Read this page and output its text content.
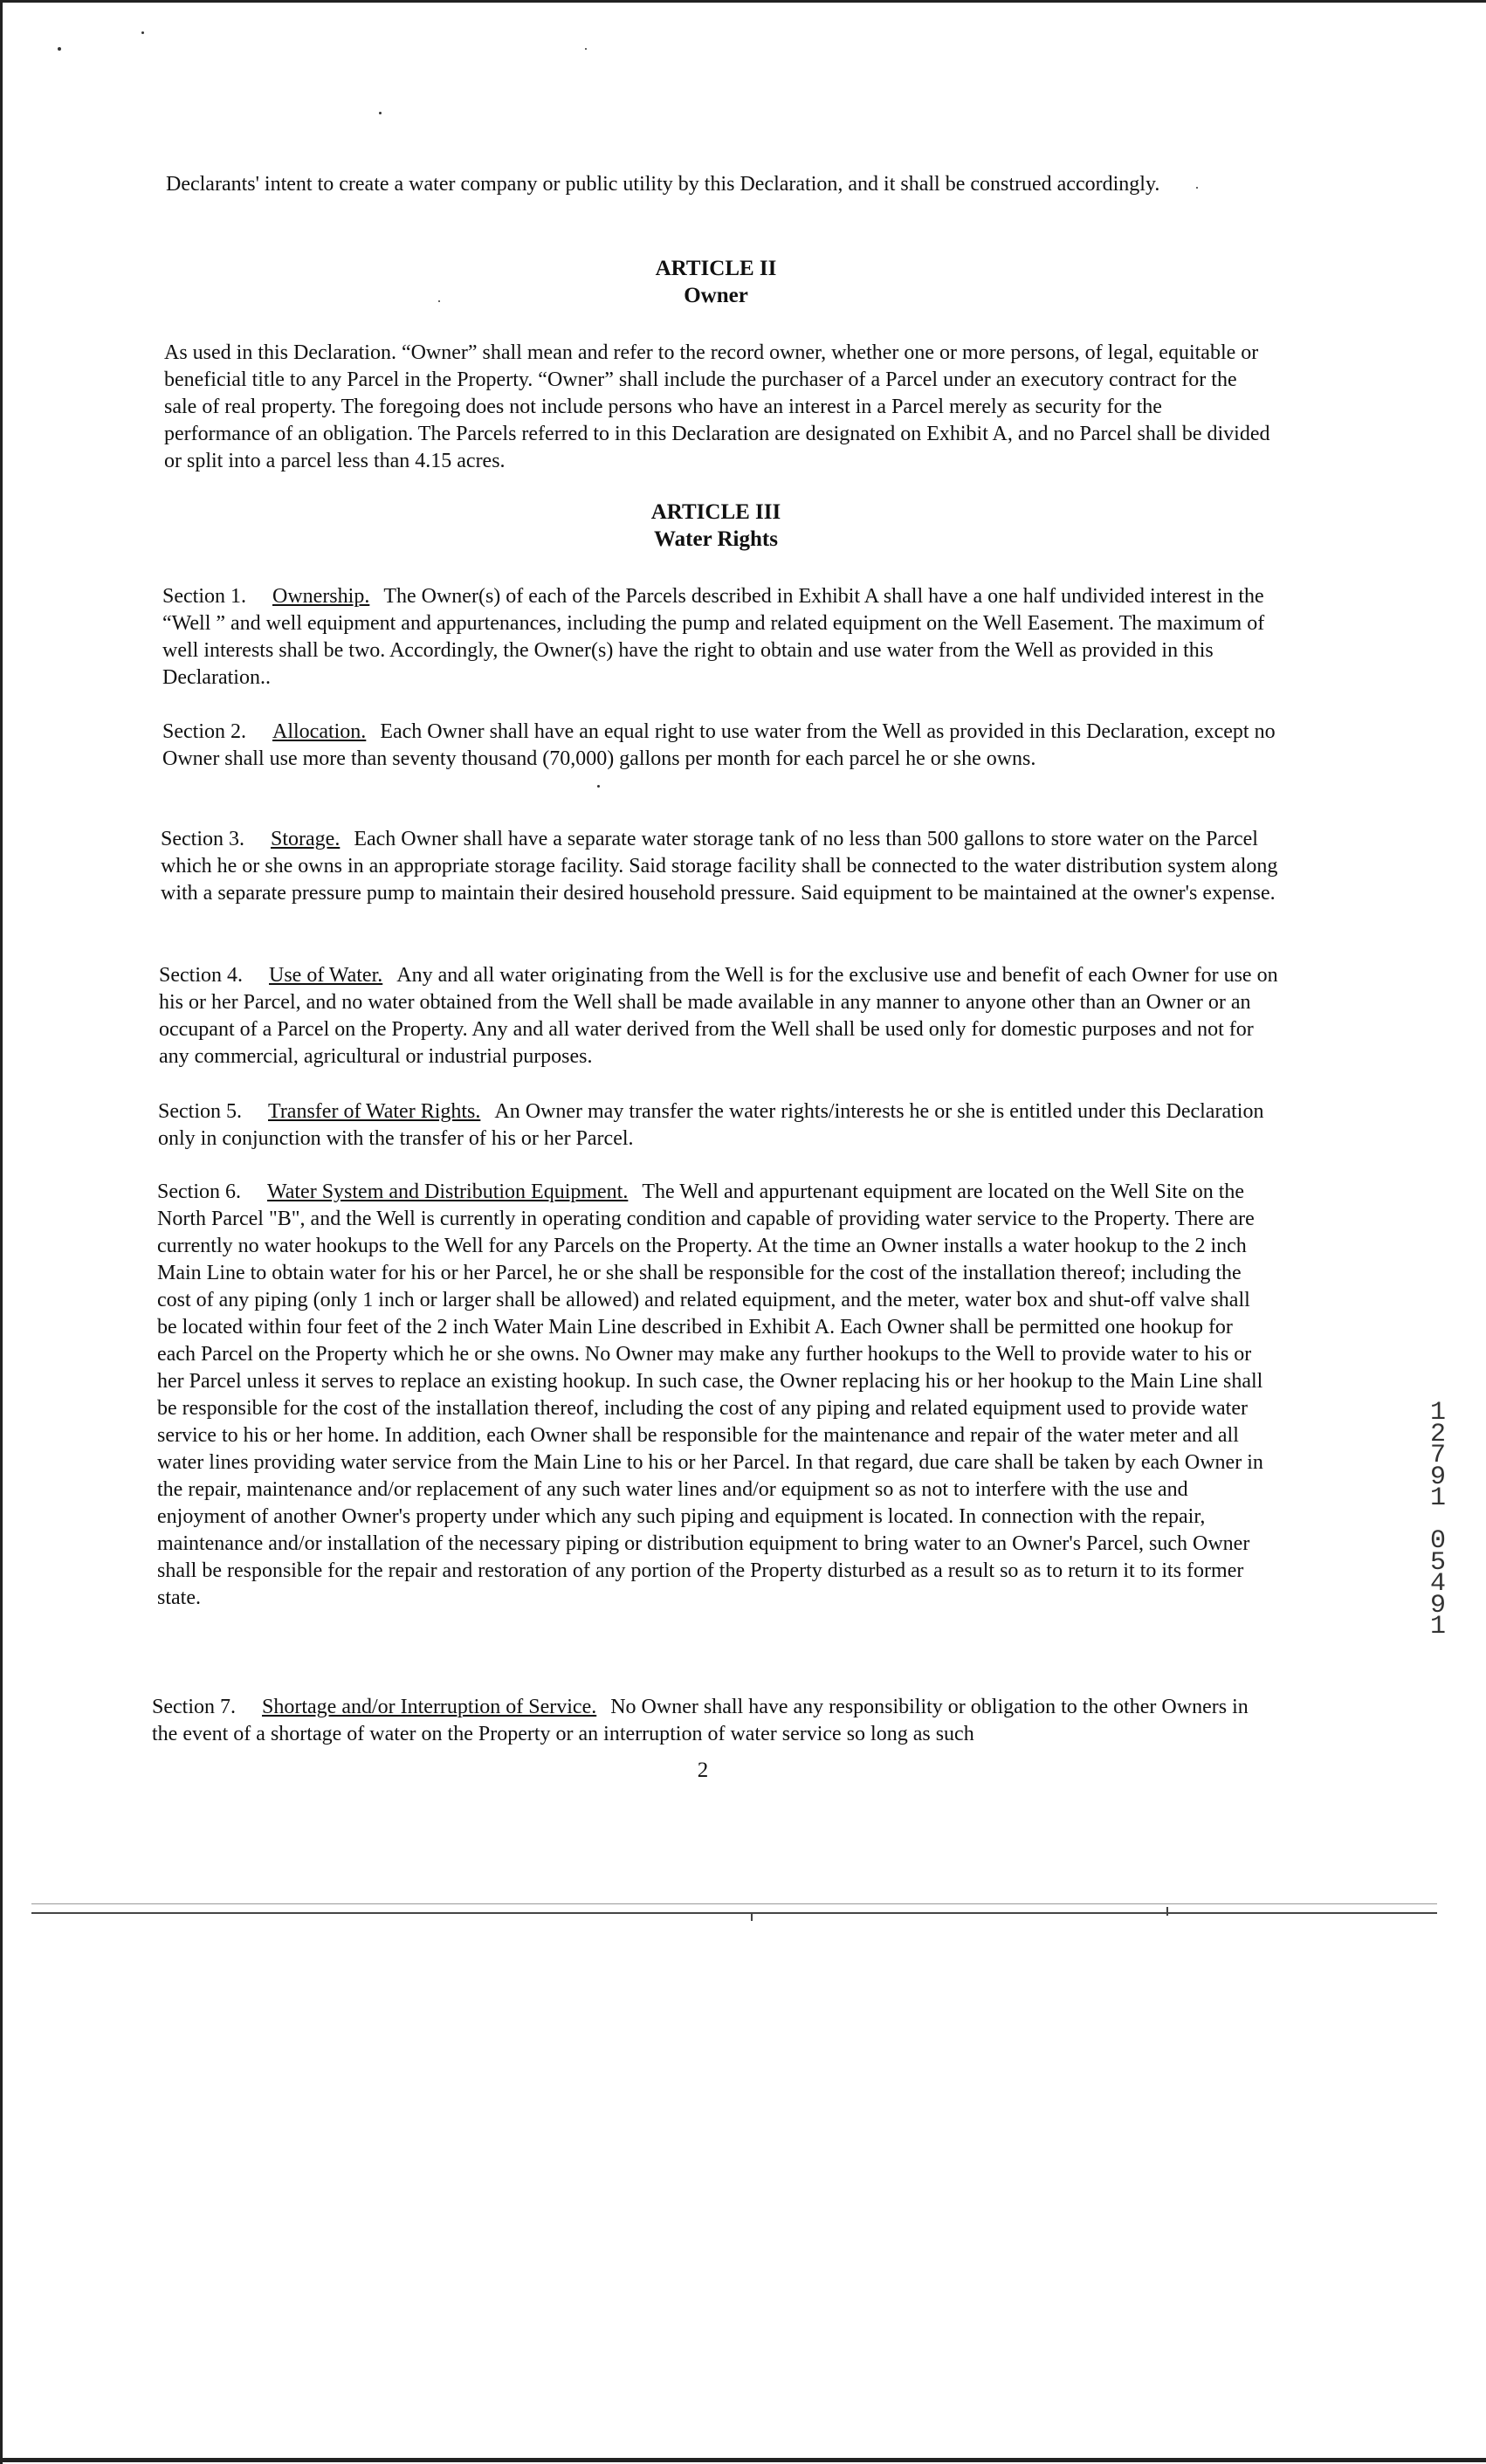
Declarants' intent to create a water company or public utility by this Declaration, and it shall be construed accordingly.

ARTICLE II
Owner

As used in this Declaration. “Owner” shall mean and refer to the record owner, whether one or more persons, of legal, equitable or beneficial title to any Parcel in the Property. “Owner” shall include the purchaser of a Parcel under an executory contract for the sale of real property. The foregoing does not include persons who have an interest in a Parcel merely as security for the performance of an obligation. The Parcels referred to in this Declaration are designated on Exhibit A, and no Parcel shall be divided or split into a parcel less than 4.15 acres.

ARTICLE III
Water Rights

Section 1. Ownership. The Owner(s) of each of the Parcels described in Exhibit A shall have a one half undivided interest in the “Well ” and well equipment and appurtenances, including the pump and related equipment on the Well Easement. The maximum of well interests shall be two. Accordingly, the Owner(s) have the right to obtain and use water from the Well as provided in this Declaration..

Section 2. Allocation. Each Owner shall have an equal right to use water from the Well as provided in this Declaration, except no Owner shall use more than seventy thousand (70,000) gallons per month for each parcel he or she owns.

Section 3. Storage. Each Owner shall have a separate water storage tank of no less than 500 gallons to store water on the Parcel which he or she owns in an appropriate storage facility. Said storage facility shall be connected to the water distribution system along with a separate pressure pump to maintain their desired household pressure. Said equipment to be maintained at the owner's expense.

Section 4. Use of Water. Any and all water originating from the Well is for the exclusive use and benefit of each Owner for use on his or her Parcel, and no water obtained from the Well shall be made available in any manner to anyone other than an Owner or an occupant of a Parcel on the Property. Any and all water derived from the Well shall be used only for domestic purposes and not for any commercial, agricultural or industrial purposes.

Section 5. Transfer of Water Rights. An Owner may transfer the water rights/interests he or she is entitled under this Declaration only in conjunction with the transfer of his or her Parcel.

Section 6. Water System and Distribution Equipment. The Well and appurtenant equipment are located on the Well Site on the North Parcel "B", and the Well is currently in operating condition and capable of providing water service to the Property. There are currently no water hookups to the Well for any Parcels on the Property. At the time an Owner installs a water hookup to the 2 inch Main Line to obtain water for his or her Parcel, he or she shall be responsible for the cost of the installation thereof; including the cost of any piping (only 1 inch or larger shall be allowed) and related equipment, and the meter, water box and shut-off valve shall be located within four feet of the 2 inch Water Main Line described in Exhibit A. Each Owner shall be permitted one hookup for each Parcel on the Property which he or she owns. No Owner may make any further hookups to the Well to provide water to his or her Parcel unless it serves to replace an existing hookup. In such case, the Owner replacing his or her hookup to the Main Line shall be responsible for the cost of the installation thereof, including the cost of any piping and related equipment used to provide water service to his or her home. In addition, each Owner shall be responsible for the maintenance and repair of the water meter and all water lines providing water service from the Main Line to his or her Parcel. In that regard, due care shall be taken by each Owner in the repair, maintenance and/or replacement of any such water lines and/or equipment so as not to interfere with the use and enjoyment of another Owner's property under which any such piping and equipment is located. In connection with the repair, maintenance and/or installation of the necessary piping or distribution equipment to bring water to an Owner's Parcel, such Owner shall be responsible for the repair and restoration of any portion of the Property disturbed as a result so as to return it to its former state.

Section 7. Shortage and/or Interruption of Service. No Owner shall have any responsibility or obligation to the other Owners in the event of a shortage of water on the Property or an interruption of water service so long as such

2
1
2
7
9
1

0
5
4
9
1
